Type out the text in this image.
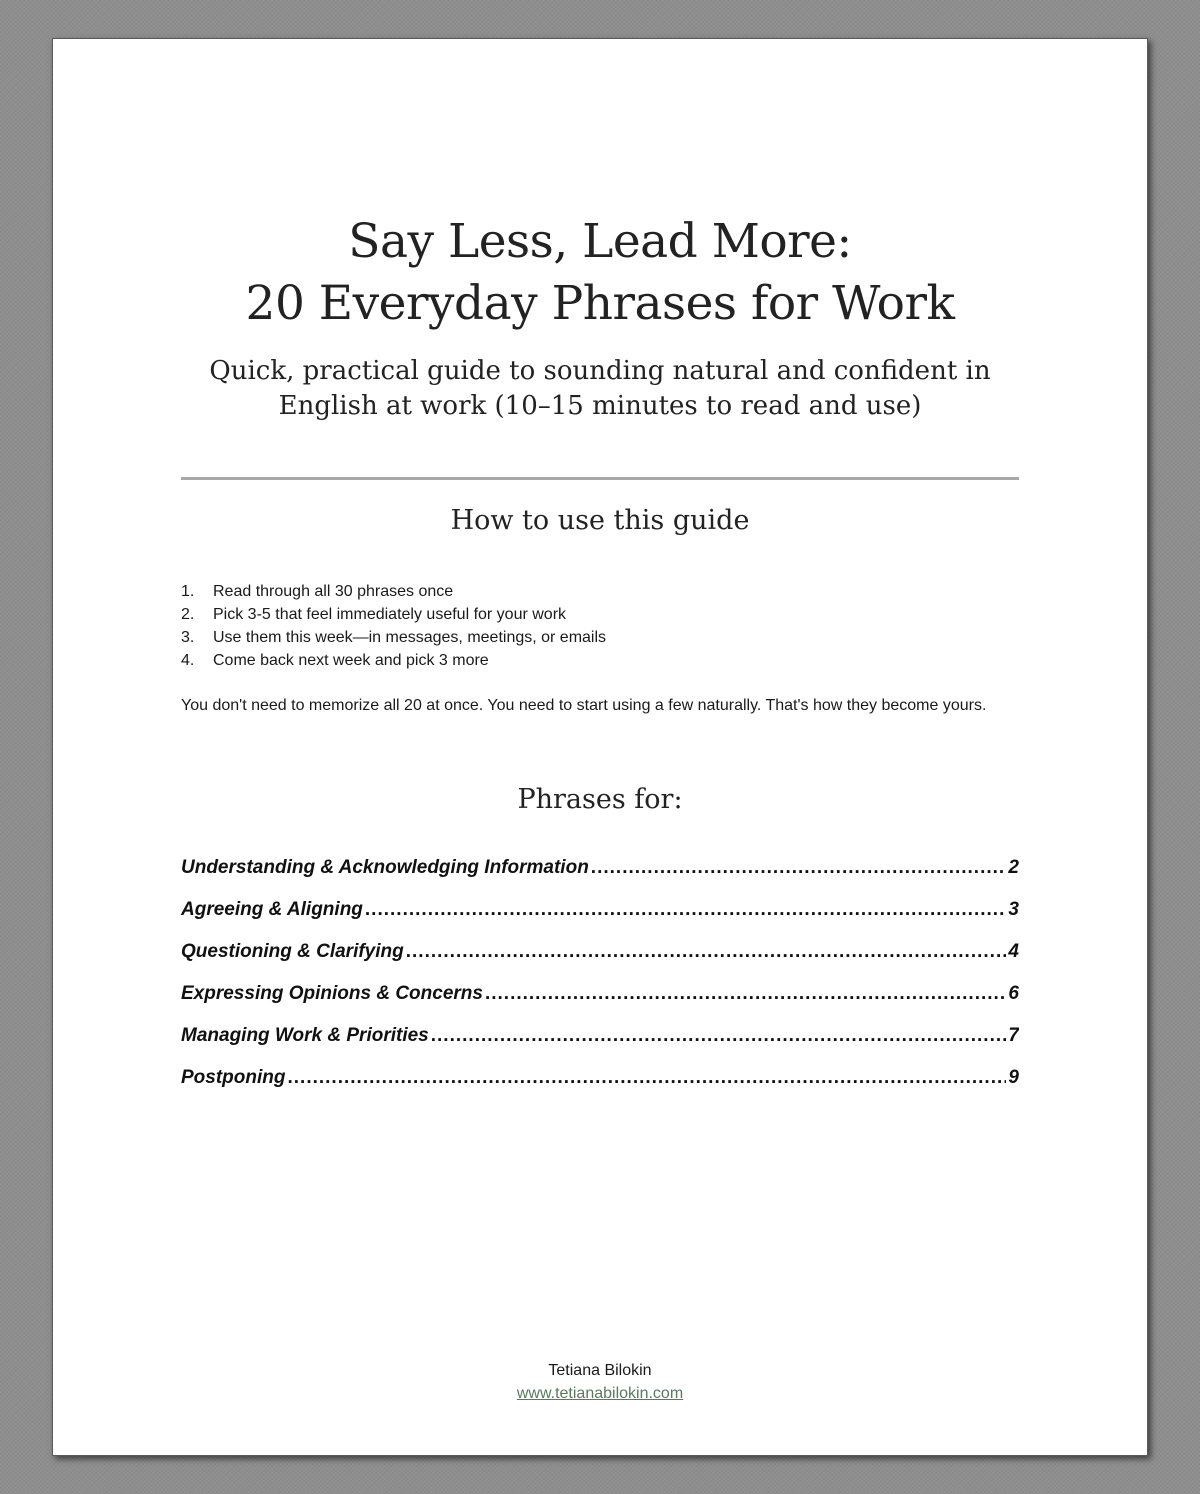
Say Less, Lead More:
20 Everyday Phrases for Work
Quick, practical guide to sounding natural and confident in English at work (10–15 minutes to read and use)
How to use this guide
1.	Read through all 30 phrases once
2.	Pick 3-5 that feel immediately useful for your work
3.	Use them this week—in messages, meetings, or emails
4.	Come back next week and pick 3 more
You don't need to memorize all 20 at once. You need to start using a few naturally. That's how they become yours.
Phrases for:
Understanding & Acknowledging Information .....	2
Agreeing & Aligning .....	3
Questioning & Clarifying .....	4
Expressing Opinions & Concerns .....	6
Managing Work & Priorities .....	7
Postponing .....	9
Tetiana Bilokin
www.tetianabilokin.com
